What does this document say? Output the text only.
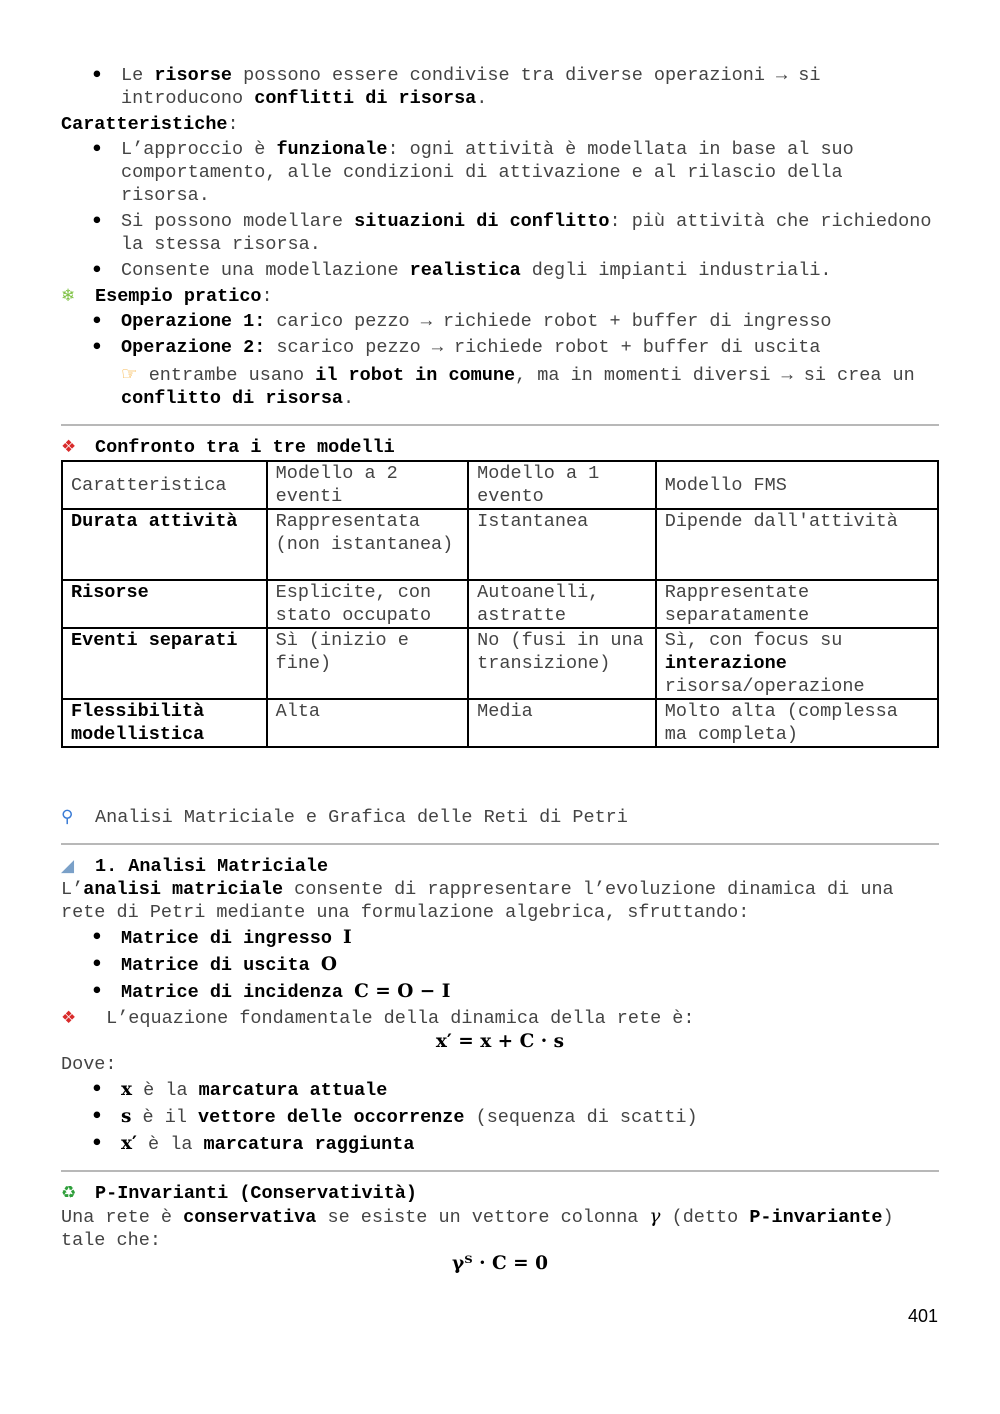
• Le risorse possono essere condivise tra diverse operazioni → si introducono conflitti di risorsa.
Caratteristiche:
• L’approccio è funzionale: ogni attività è modellata in base al suo comportamento, alle condizioni di attivazione e al rilascio della risorsa.
• Si possono modellare situazioni di conflitto: più attività che richiedono la stessa risorsa.
• Consente una modellazione realistica degli impianti industriali.
❄ Esempio pratico:
• Operazione 1: carico pezzo → richiede robot + buffer di ingresso
• Operazione 2: scarico pezzo → richiede robot + buffer di uscita
☞ entrambe usano il robot in comune, ma in momenti diversi → si crea un conflitto di risorsa.
❖ Confronto tra i tre modelli
Caratteristica	Modello a 2 eventi	Modello a 1 evento	Modello FMS
Durata attività	Rappresentata (non istantanea)	Istantanea	Dipende dall'attività
Risorse	Esplicite, con stato occupato	Autoanelli, astratte	Rappresentate separatamente
Eventi separati	Sì (inizio e fine)	No (fusi in una transizione)	Sì, con focus su interazione risorsa/operazione
Flessibilità modellistica	Alta	Media	Molto alta (complessa ma completa)
⚲ Analisi Matriciale e Grafica delle Reti di Petri
◢ 1. Analisi Matriciale
L’analisi matriciale consente di rappresentare l’evoluzione dinamica di una rete di Petri mediante una formulazione algebrica, sfruttando:
• Matrice di ingresso I
• Matrice di uscita O
• Matrice di incidenza C = O − I
❖ L’equazione fondamentale della dinamica della rete è:
x′ = x + C · s
Dove:
• x è la marcatura attuale
• s è il vettore delle occorrenze (sequenza di scatti)
• x′ è la marcatura raggiunta
♻ P-Invarianti (Conservatività)
Una rete è conservativa se esiste un vettore colonna γ (detto P-invariante) tale che:
γᵀ · C = 0
401
